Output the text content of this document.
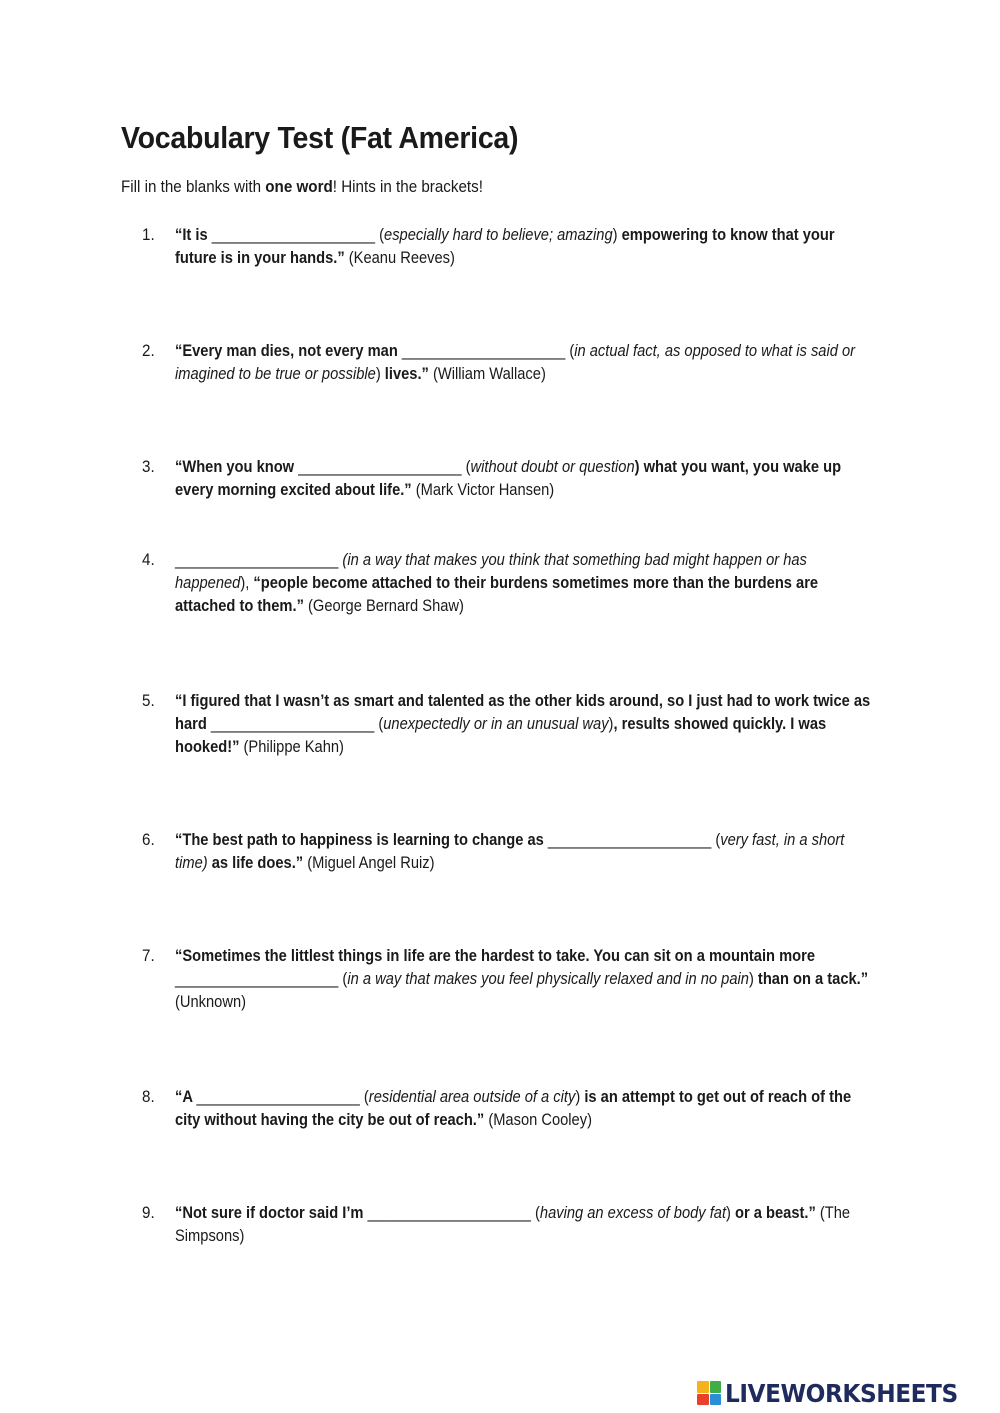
Vocabulary Test (Fat America)
Fill in the blanks with one word! Hints in the brackets!
1. “It is ____________________ (especially hard to believe; amazing) empowering to know that your future is in your hands.” (Keanu Reeves)
2. “Every man dies, not every man ____________________ (in actual fact, as opposed to what is said or imagined to be true or possible) lives.” (William Wallace)
3. “When you know ____________________ (without doubt or question) what you want, you wake up every morning excited about life.” (Mark Victor Hansen)
4. ____________________ (in a way that makes you think that something bad might happen or has happened), “people become attached to their burdens sometimes more than the burdens are attached to them.” (George Bernard Shaw)
5. “I figured that I wasn’t as smart and talented as the other kids around, so I just had to work twice as hard ____________________ (unexpectedly or in an unusual way), results showed quickly. I was hooked!” (Philippe Kahn)
6. “The best path to happiness is learning to change as ____________________ (very fast, in a short time) as life does.” (Miguel Angel Ruiz)
7. “Sometimes the littlest things in life are the hardest to take. You can sit on a mountain more ____________________ (in a way that makes you feel physically relaxed and in no pain) than on a tack.” (Unknown)
8. “A ____________________ (residential area outside of a city) is an attempt to get out of reach of the city without having the city be out of reach.” (Mason Cooley)
9. “Not sure if doctor said I’m ____________________ (having an excess of body fat) or a beast.” (The Simpsons)
LIVEWORKSHEETS
